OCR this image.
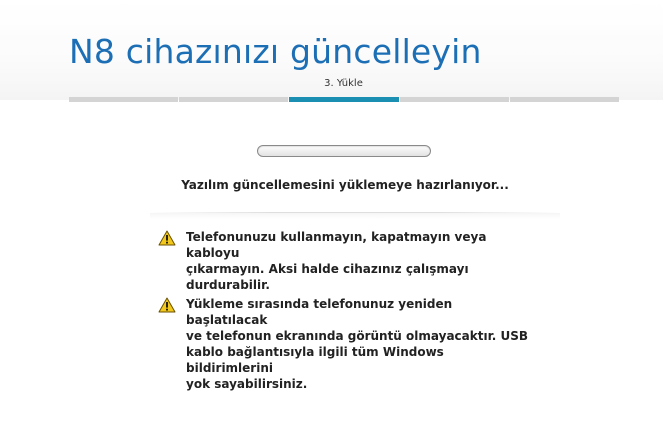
N8 cihazınızı güncelleyin
3. Yükle
Yazılım güncellemesini yüklemeye hazırlanıyor...
Telefonunuzu kullanmayın, kapatmayın veya kabloyu
çıkarmayın. Aksi halde cihazınız çalışmayı
durdurabilir.
Yükleme sırasında telefonunuz yeniden başlatılacak
ve telefonun ekranında görüntü olmayacaktır. USB
kablo bağlantısıyla ilgili tüm Windows bildirimlerini
yok sayabilirsiniz.
